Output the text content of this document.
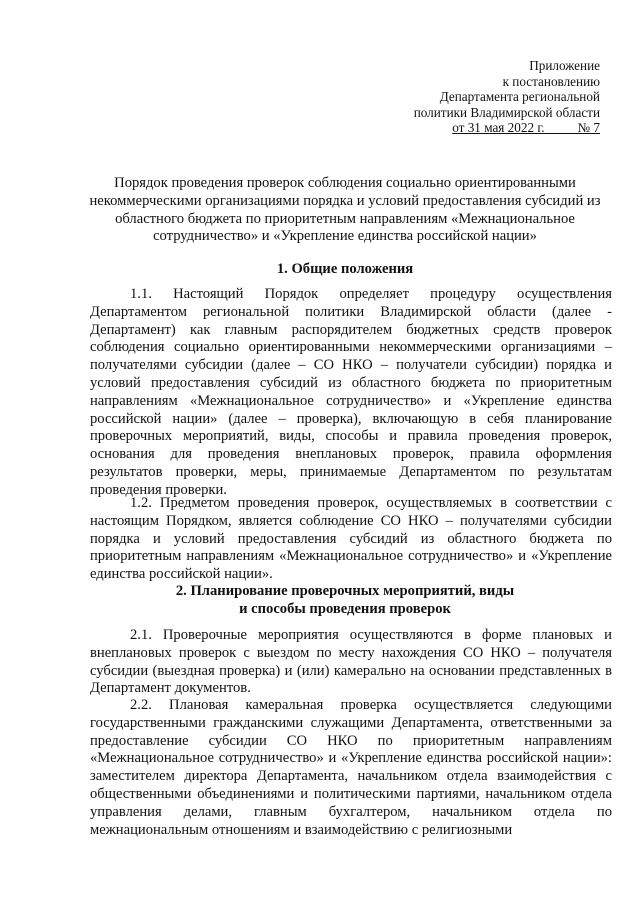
Приложение
к постановлению
Департамента региональной
политики Владимирской области
от 31 мая 2022 г.          № 7
Порядок проведения проверок соблюдения социально ориентированными некоммерческими организациями порядка и условий предоставления субсидий из областного бюджета по приоритетным направлениям «Межнациональное сотрудничество» и «Укрепление единства российской нации»
1. Общие положения

1.1. Настоящий Порядок определяет процедуру осуществления Департаментом региональной политики Владимирской области (далее - Департамент) как главным распорядителем бюджетных средств проверок соблюдения социально ориентированными некоммерческими организациями – получателями субсидии (далее – СО НКО – получатели субсидии) порядка и условий предоставления субсидий из областного бюджета по приоритетным направлениям «Межнациональное сотрудничество» и «Укрепление единства российской нации» (далее – проверка), включающую в себя планирование проверочных мероприятий, виды, способы и правила проведения проверок, основания для проведения внеплановых проверок, правила оформления результатов проверки, меры, принимаемые Департаментом по результатам проведения проверки.

1.2. Предметом проведения проверок, осуществляемых в соответствии с настоящим Порядком, является соблюдение СО НКО – получателями субсидии порядка и условий предоставления субсидий из областного бюджета по приоритетным направлениям «Межнациональное сотрудничество» и «Укрепление единства российской нации».

2. Планирование проверочных мероприятий, виды
и способы проведения проверок

2.1. Проверочные мероприятия осуществляются в форме плановых и внеплановых проверок с выездом по месту нахождения СО НКО – получателя субсидии (выездная проверка) и (или) камерально на основании представленных в Департамент документов.

2.2. Плановая камеральная проверка осуществляется следующими государственными гражданскими служащими Департамента, ответственными за предоставление субсидии СО НКО по приоритетным направлениям «Межнациональное сотрудничество» и «Укрепление единства российской нации»: заместителем директора Департамента, начальником отдела взаимодействия с общественными объединениями и политическими партиями, начальником отдела управления делами, главным бухгалтером, начальником отдела по межнациональным отношениям и взаимодействию с религиозными
